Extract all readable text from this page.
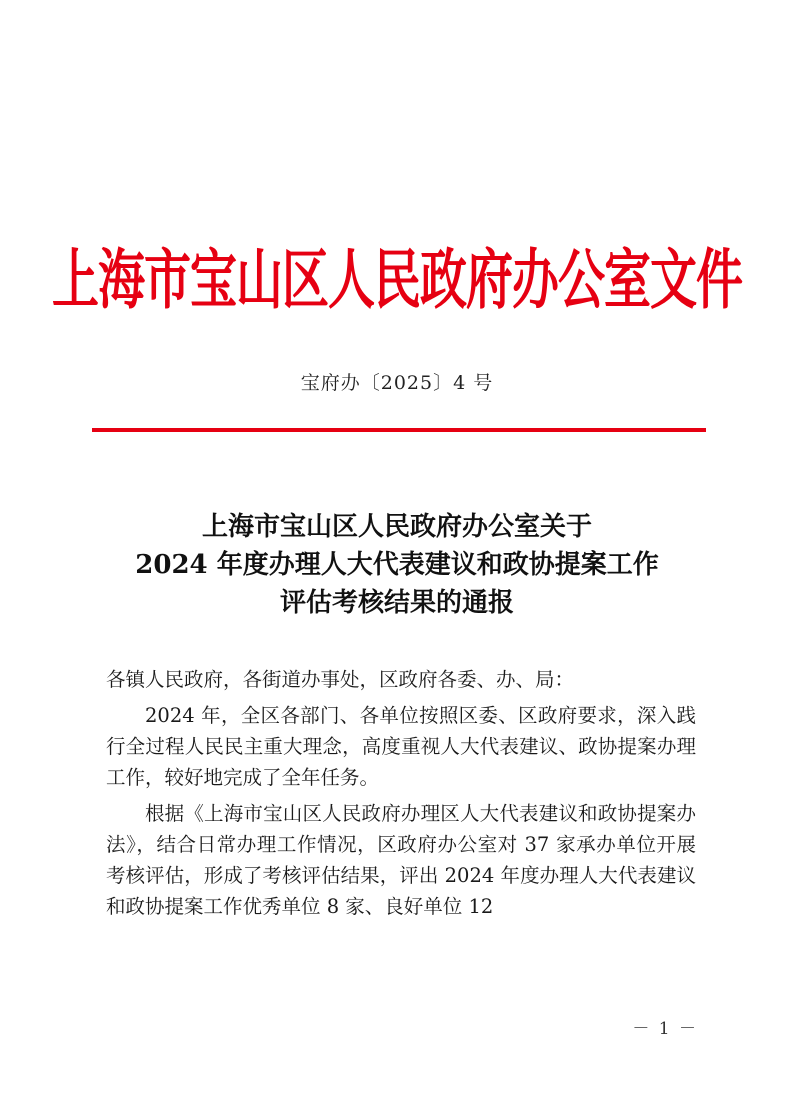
上海市宝山区人民政府办公室文件
宝府办〔2025〕4 号
上海市宝山区人民政府办公室关于
2024 年度办理人大代表建议和政协提案工作
评估考核结果的通报

各镇人民政府，各街道办事处，区政府各委、办、局：

2024 年，全区各部门、各单位按照区委、区政府要求，深入践行全过程人民民主重大理念，高度重视人大代表建议、政协提案办理工作，较好地完成了全年任务。

根据《上海市宝山区人民政府办理区人大代表建议和政协提案办法》，结合日常办理工作情况，区政府办公室对 37 家承办单位开展考核评估，形成了考核评估结果，评出 2024 年度办理人大代表建议和政协提案工作优秀单位 8 家、良好单位 12

－ 1 －
